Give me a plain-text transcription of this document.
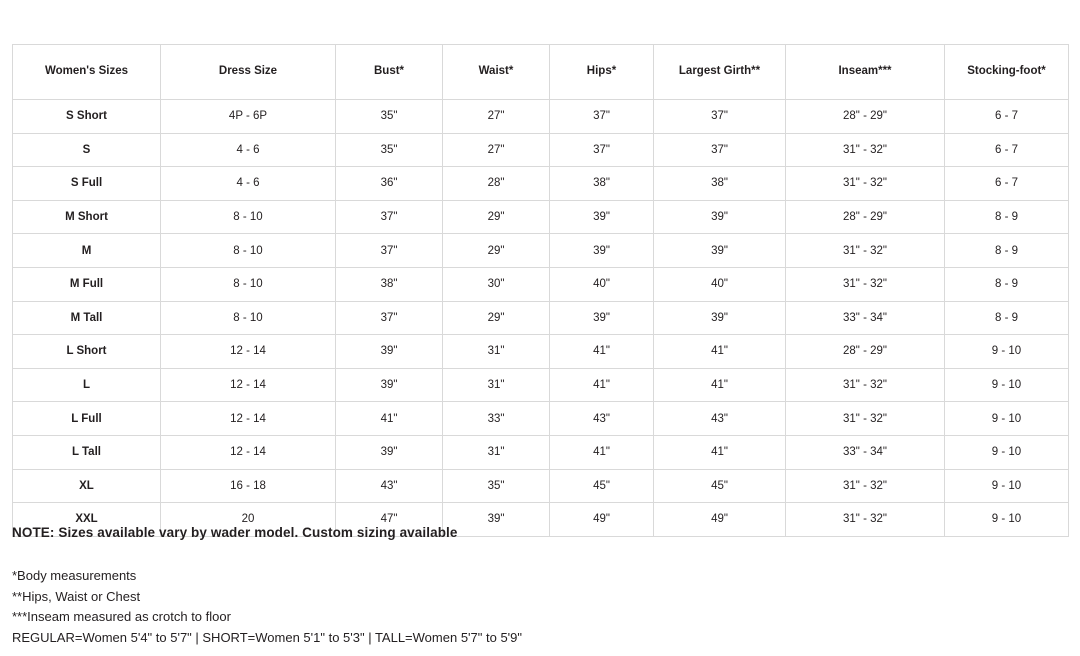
Women's Sizes	Dress Size	Bust*	Waist*	Hips*	Largest Girth**	Inseam***	Stocking-foot*
S Short	4P - 6P	35"	27"	37"	37"	28" - 29"	6 - 7
S	4 - 6	35"	27"	37"	37"	31" - 32"	6 - 7
S Full	4 - 6	36"	28"	38"	38"	31" - 32"	6 - 7
M Short	8 - 10	37"	29"	39"	39"	28" - 29"	8 - 9
M	8 - 10	37"	29"	39"	39"	31" - 32"	8 - 9
M Full	8 - 10	38"	30"	40"	40"	31" - 32"	8 - 9
M Tall	8 - 10	37"	29"	39"	39"	33" - 34"	8 - 9
L Short	12 - 14	39"	31"	41"	41"	28" - 29"	9 - 10
L	12 - 14	39"	31"	41"	41"	31" - 32"	9 - 10
L Full	12 - 14	41"	33"	43"	43"	31" - 32"	9 - 10
L Tall	12 - 14	39"	31"	41"	41"	33" - 34"	9 - 10
XL	16 - 18	43"	35"	45"	45"	31" - 32"	9 - 10
XXL	20	47"	39"	49"	49"	31" - 32"	9 - 10
NOTE: Sizes available vary by wader model. Custom sizing available
*Body measurements
**Hips, Waist or Chest
***Inseam measured as crotch to floor
REGULAR=Women 5'4" to 5'7" | SHORT=Women 5'1" to 5'3" | TALL=Women 5'7" to 5'9"
